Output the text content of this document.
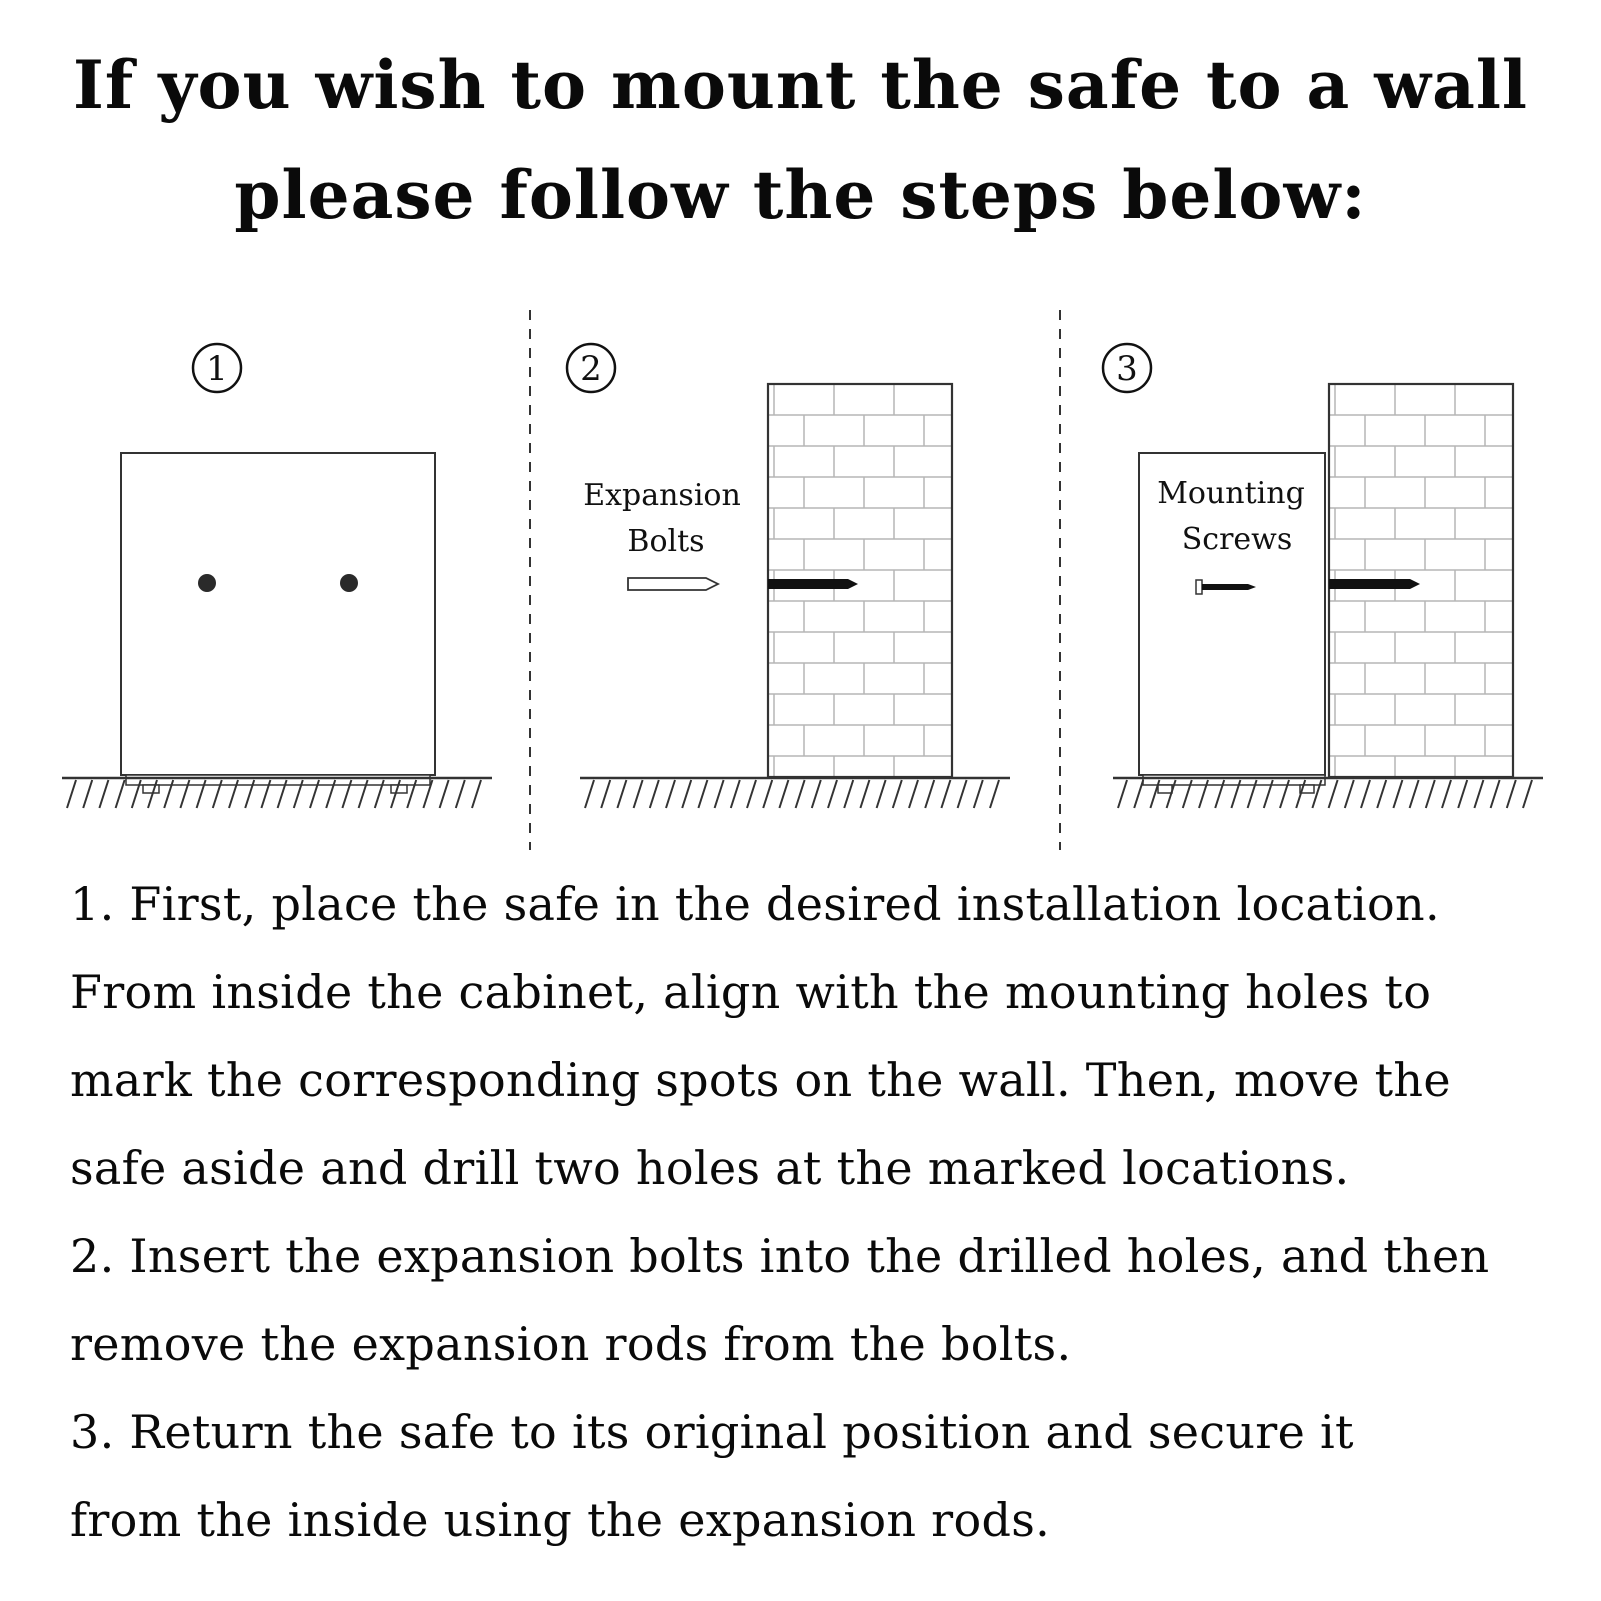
If you wish to mount the safe to a wall
please follow the steps below:
1	2
Expansion
Bolts
3
Mounting
Screws

1. First, place the safe in the desired installation location.

From inside the cabinet, align with the mounting holes to

mark the corresponding spots on the wall. Then, move the

safe aside and drill two holes at the marked locations.

2. Insert the expansion bolts into the drilled holes, and then

remove the expansion rods from the bolts.

3. Return the safe to its original position and secure it

from the inside using the expansion rods.
